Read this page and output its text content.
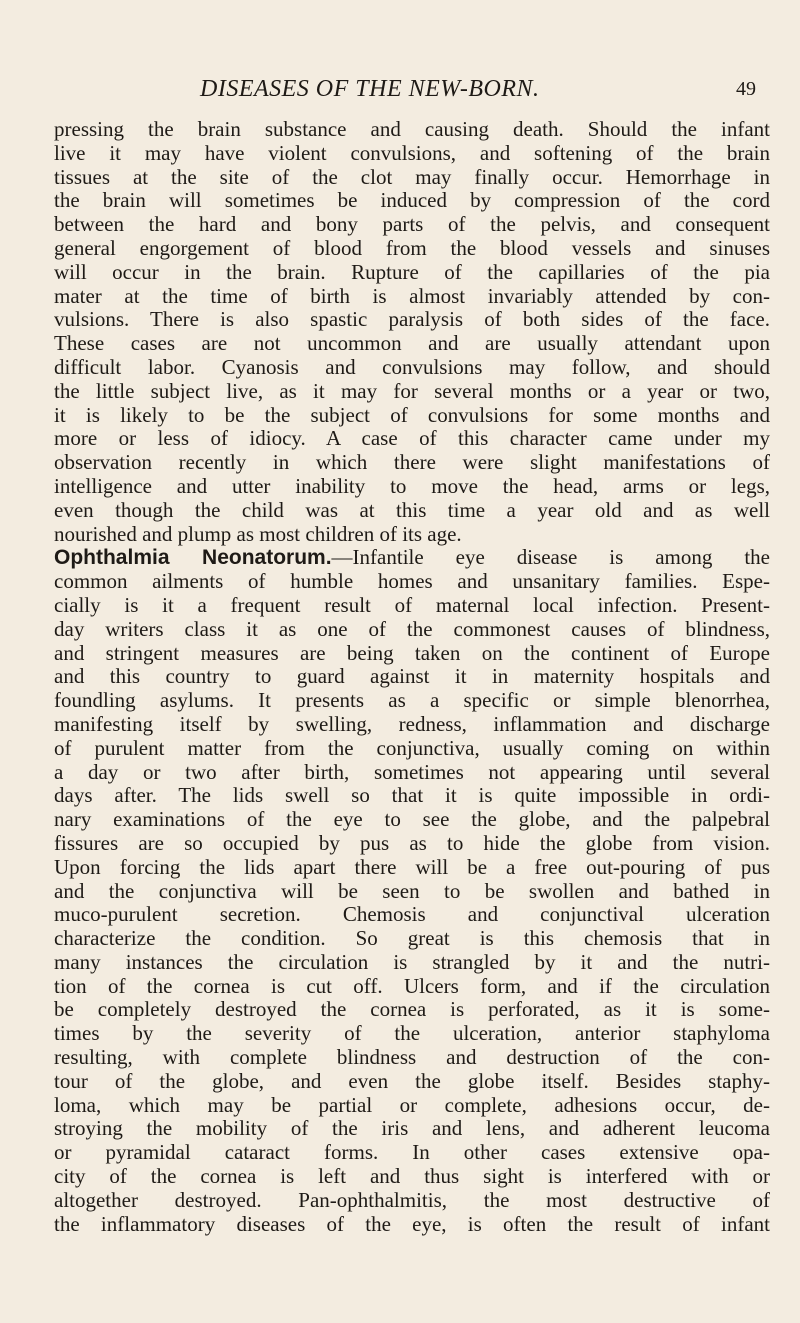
DISEASES OF THE NEW-BORN.	49
pressing the brain substance and causing death. Should the infant
live it may have violent convulsions, and softening of the brain
tissues at the site of the clot may finally occur. Hemorrhage in
the brain will sometimes be induced by compression of the cord
between the hard and bony parts of the pelvis, and consequent
general engorgement of blood from the blood vessels and sinuses
will occur in the brain. Rupture of the capillaries of the pia
mater at the time of birth is almost invariably attended by con-
vulsions. There is also spastic paralysis of both sides of the face.
These cases are not uncommon and are usually attendant upon
difficult labor. Cyanosis and convulsions may follow, and should
the little subject live, as it may for several months or a year or two,
it is likely to be the subject of convulsions for some months and
more or less of idiocy. A case of this character came under my
observation recently in which there were slight manifestations of
intelligence and utter inability to move the head, arms or legs,
even though the child was at this time a year old and as well
nourished and plump as most children of its age.
Ophthalmia Neonatorum.—Infantile eye disease is among the
common ailments of humble homes and unsanitary families. Espe-
cially is it a frequent result of maternal local infection. Present-
day writers class it as one of the commonest causes of blindness,
and stringent measures are being taken on the continent of Europe
and this country to guard against it in maternity hospitals and
foundling asylums. It presents as a specific or simple blenorrhea,
manifesting itself by swelling, redness, inflammation and discharge
of purulent matter from the conjunctiva, usually coming on within
a day or two after birth, sometimes not appearing until several
days after. The lids swell so that it is quite impossible in ordi-
nary examinations of the eye to see the globe, and the palpebral
fissures are so occupied by pus as to hide the globe from vision.
Upon forcing the lids apart there will be a free out-pouring of pus
and the conjunctiva will be seen to be swollen and bathed in
muco-purulent secretion. Chemosis and conjunctival ulceration
characterize the condition. So great is this chemosis that in
many instances the circulation is strangled by it and the nutri-
tion of the cornea is cut off. Ulcers form, and if the circulation
be completely destroyed the cornea is perforated, as it is some-
times by the severity of the ulceration, anterior staphyloma
resulting, with complete blindness and destruction of the con-
tour of the globe, and even the globe itself. Besides staphy-
loma, which may be partial or complete, adhesions occur, de-
stroying the mobility of the iris and lens, and adherent leucoma
or pyramidal cataract forms. In other cases extensive opa-
city of the cornea is left and thus sight is interfered with or
altogether destroyed. Pan-ophthalmitis, the most destructive of
the inflammatory diseases of the eye, is often the result of infant
